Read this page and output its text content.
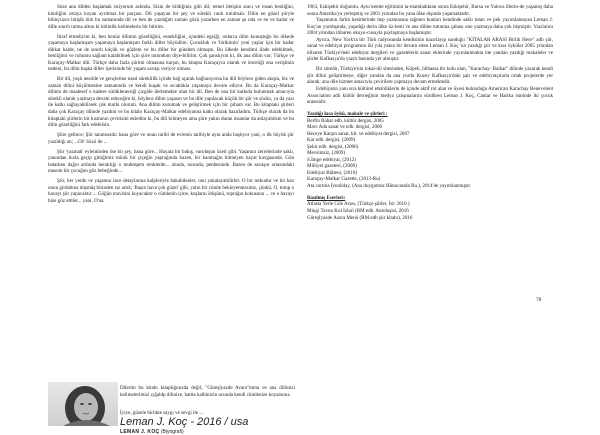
Söze ana dilden başlamak istiyorum aslında. Sizin de bildiğiniz gibi dil; temel iletişim aracı ve insan benliğini, kimliğini ortaya koyan ayrılmaz bir parçası. Dil yaşayan bir şey ve sürekli canlı tutulmalı. Dilin en güzel şiiryle bilinçsizce bitişik tüm bu zamanında dil ve ben de yazdığım zaman gözü yazarken en zaman şu nda ve en ve kadar ve dille sınırlı tutma altını ki bitimlik kelimelerin bir bitirim.

İtiraf etmeliyim ki, ben henüz dilimin güzelliğini, esnekliğini, içindeki egziği, onlarca dilin konuştuğu bu ülkede yaşamaya başlamışım yaşamaya başlamışım farklı diller büyüdüm. Çocukluk ve 'birikimin' yeni yaşlar için bir kadar dikkat halde, ne de sınırlı küçük ve gözlem ve bu diller bir gündem olmuştu. Bu ülkede kendimi ifade edebilmek, benliğimi ve ruhumu sağlam kalabilmek için şiire tutundum diye-bilirim. Çok şanslıyım ki, ilk ana dilim var; Türkçe ve Karaçay-Malkar dili. Türkçe daha fazla şiirimi olmasına karşın, bu kitapta Karaçayca olarak ve önceliği ona verişimin nedeni, bu dilin başka diller içerisinde bir yaşam savaşı veriyor olması.

Bir dil, yaşlı nesilde ve gençlerine nasıl süreklilik içinde bağ açarak bağlanıyorsa bu dili böylece giden akışta, biz ve zaman dilini küçülmesine zamanında ve kendi kuşak ve sıcaklıkla yaşamaya devam ediyor. Bu da Karaçay-Malkar dilinin de maalesef o kadere sürükleneceği çizgide ilerlemekte olan bir dil. Ben de ona bir katkıda bulunmak amacıyla sürekli olarak yazmaya devam edeceğim ki, böylece dilim yaşasın ve bu dile yapılacak küçük bir şiir ve sözün, ya da yazı ile katkı sağlayabilirsek çok mutlu olurum. Ana dilimi korumak ve geliştirmek için bir çabam var. Bu kitaptaki şiirleri daha çok Karaçay dilinde yazdım ve bu kitabı Karaçay-Malkar edebiyatına katkı olarak hazırladım. Türkçe olarak da bu kitaptaki şiirlerin bir kısmının çevirisini ekledim ki, bu dili bilmeyen ama şiire yakın duran insanlar da anlayabilsin ve bu dilin güzelliğini fark edebilsin.

Şiire gelince; Şiir tanımsızdır bana göre ve onun tarihi de evrenin tarihiyle aynı anda başlıyor yani, o ilk büyük şiir yazıldığı an; ...Ol! Sözü ile ...

Şiir 'yazmak' eyleminden öte bir şey, bana göre... Hayata bir bakış, varoluşun özeti gibi. Yaşamın zerrelerinde saklı, yanından hızla geçip gittiğimiz minik bir çiçeğin yaprağında bazen, bir kanmağın bitmeyen hayat kavgasında. Gün batarken dağın ardında beraklığı o muhteşem renklerde... alında, norında, penbesinde. Bazen de savaşın ortasındaki masum bir çocuğun göz bebeğinde...

Şiir, her yerde ve yaşamın ince detaylarına kalpleriyle bakabilenler, onu yakalayabilirler. O bir tutkudur ve bir kez onun girdabına düşmüş birinden sız artık; 'Başın hava çok güzel' gibi, yalın bir cümle bekleyemezsiniz, çünkü, O, tutup o havayı şiir yapacaktır ... Göğün mavisini koyacaktır o cümlenin içine, kuşların ötüşünü, toprağın kokusunu ... ve o havayı bize göz ettiler... yani, O'na.

Dilerim bu kitabı kitaplığınızda değil, "Güreşlyazde Avara"mma ve ana dilimizi kelimelerimizi çığaldp dilinize, hattta kalbinizin ucunda kendi cümlenize koyarsınız.

İyiye, güzele birlikte saygı ve sevgi ile ...
Leman J. Koç - 2016 / usa
LEMAN J. KOÇ (Biyografi)

1963, Eskişehir doğumlu. Aynı kentte eğitimini ta-mamladıktan sonra Eskişehir, Bursa ve Yalova illerin-de yaşamış daha sonra Amerika'ya yerleşmiş ve 2001 yılından bu yana ülke dışında yaşamaktadır.

Yaşamının farklı kesitlerinde hep yazmasına rağmen bunları kendinde saklı tutan ve pek yayımlamayan Leman J. Koç'un yurtdışında, yaşadığı derin ülke öz-lemi ve ana diline tutunma çabası onu yazmaya daha çok itişmiştir. Yazılarını 2004 yılından itibaren okuyu-cusuyla paylaşmaya başlamıştır.

Ayrıca, New York'ta bir Türk radyosunda kendisinin hazırlayıp sunduğu "KİTALAR ARASI Birlik Hece" adlı şiir, sanat ve edebiyat programını iki yıla yakın bir devam eden Leman J. Koç 'un yazdığı şiir ve kısa öyküler 2005 yılından itibaren Türkiye'deki edebiyat dergileri ve gazetelerin sanat eklerinde yayınlanmakta öte yandan yazdığı makaleler ve şiirler Kafkasya'da yazılı basında yer almıştır.

Bir süredir, Türkiye'nin lokal-dil sitesinden, Köpeli, bilhassa bir kolu olan, "Karachay- Balkar" dilinde yazarak kendi şiir dilini geliştirmeye, diğer yandan da ana yurdu Kuzey Kafkasya'daki şair ve edebiyatçılarla ortak projelerde yer alarak; ana dile hizmet amacıyla çevirilere yapmaya devam etmektedir.

Edebiyatın yanı sıra kültürel etkinliklerin de içinde aktif rol alan ve üyesi bulunduğu American Karachay Benevolent Association adlı kültür derneğinin medya çalışmalarını sürdüren Leman J. Koç, Canlar ve Harika isminde iki çocuk annesidir.

Yazdığı kısa öykü, makale ve şiirleri :
Berfin Bahar edb. kültür dergisi, 2005
Mavi Ada sanat ve edb. dergisi, 2006
Heceye Karşın sanat, klt. ve edebiyat dergisi, 2007
Kar edb. dergisi, (2009)
Şehir edb. dergisi, (2006)
Mevsimsiz, (2009)
S.İmge edebiyat, (2012)
Milliyet gazetesi, (2008)
Edebiyat Bülteni, (2010)
Karaçay-Malkar Gazette, (2013-Ru)
Ata curtına İynaliday, (Ana duygumuz Hünocasıda Ru.), 2014'de yayımlanmıştır.
Basılmış Eserleri:
Atlasta Yerle Gök Arası, (Türkçe şiirler, İst/ 2010 )
Mingi Tavnu Kol İzlari (RM edb. Antoloşisi, 2016
Güreşlyazde Asura Menü (RM edb şiir kitabı), 2016
78
